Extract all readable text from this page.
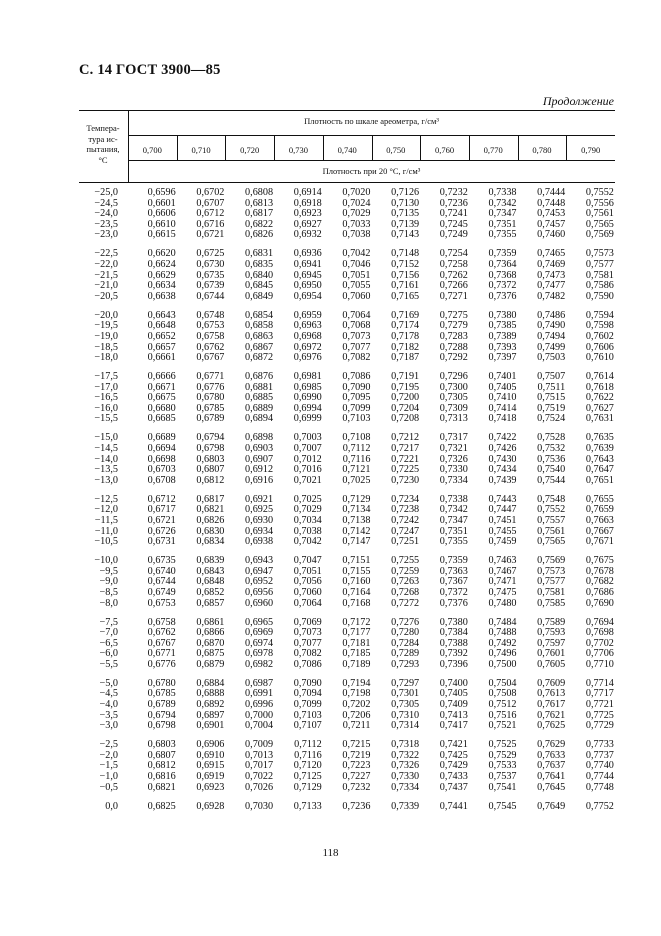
С. 14 ГОСТ 3900—85
Продолжение
Темпера-
тура ис-
пытания,
°С
Плотность по шкале ареометра, г/см³
Плотность при 20 °С, г/см³
0,700	0,710	0,720	0,730	0,740	0,750	0,760	0,770	0,780	0,790
−25,0	0,6596	0,6702	0,6808	0,6914	0,7020	0,7126	0,7232	0,7338	0,7444	0,7552
−24,5	0,6601	0,6707	0,6813	0,6918	0,7024	0,7130	0,7236	0,7342	0,7448	0,7556
−24,0	0,6606	0,6712	0,6817	0,6923	0,7029	0,7135	0,7241	0,7347	0,7453	0,7561
−23,5	0,6610	0,6716	0,6822	0,6927	0,7033	0,7139	0,7245	0,7351	0,7457	0,7565
−23,0	0,6615	0,6721	0,6826	0,6932	0,7038	0,7143	0,7249	0,7355	0,7460	0,7569
−22,5	0,6620	0,6725	0,6831	0,6936	0,7042	0,7148	0,7254	0,7359	0,7465	0,7573
−22,0	0,6624	0,6730	0,6835	0,6941	0,7046	0,7152	0,7258	0,7364	0,7469	0,7577
−21,5	0,6629	0,6735	0,6840	0,6945	0,7051	0,7156	0,7262	0,7368	0,7473	0,7581
−21,0	0,6634	0,6739	0,6845	0,6950	0,7055	0,7161	0,7266	0,7372	0,7477	0,7586
−20,5	0,6638	0,6744	0,6849	0,6954	0,7060	0,7165	0,7271	0,7376	0,7482	0,7590
−20,0	0,6643	0,6748	0,6854	0,6959	0,7064	0,7169	0,7275	0,7380	0,7486	0,7594
−19,5	0,6648	0,6753	0,6858	0,6963	0,7068	0,7174	0,7279	0,7385	0,7490	0,7598
−19,0	0,6652	0,6758	0,6863	0,6968	0,7073	0,7178	0,7283	0,7389	0,7494	0,7602
−18,5	0,6657	0,6762	0,6867	0,6972	0,7077	0,7182	0,7288	0,7393	0,7499	0,7606
−18,0	0,6661	0,6767	0,6872	0,6976	0,7082	0,7187	0,7292	0,7397	0,7503	0,7610
−17,5	0,6666	0,6771	0,6876	0,6981	0,7086	0,7191	0,7296	0,7401	0,7507	0,7614
−17,0	0,6671	0,6776	0,6881	0,6985	0,7090	0,7195	0,7300	0,7405	0,7511	0,7618
−16,5	0,6675	0,6780	0,6885	0,6990	0,7095	0,7200	0,7305	0,7410	0,7515	0,7622
−16,0	0,6680	0,6785	0,6889	0,6994	0,7099	0,7204	0,7309	0,7414	0,7519	0,7627
−15,5	0,6685	0,6789	0,6894	0,6999	0,7103	0,7208	0,7313	0,7418	0,7524	0,7631
−15,0	0,6689	0,6794	0,6898	0,7003	0,7108	0,7212	0,7317	0,7422	0,7528	0,7635
−14,5	0,6694	0,6798	0,6903	0,7007	0,7112	0,7217	0,7321	0,7426	0,7532	0,7639
−14,0	0,6698	0,6803	0,6907	0,7012	0,7116	0,7221	0,7326	0,7430	0,7536	0,7643
−13,5	0,6703	0,6807	0,6912	0,7016	0,7121	0,7225	0,7330	0,7434	0,7540	0,7647
−13,0	0,6708	0,6812	0,6916	0,7021	0,7025	0,7230	0,7334	0,7439	0,7544	0,7651
−12,5	0,6712	0,6817	0,6921	0,7025	0,7129	0,7234	0,7338	0,7443	0,7548	0,7655
−12,0	0,6717	0,6821	0,6925	0,7029	0,7134	0,7238	0,7342	0,7447	0,7552	0,7659
−11,5	0,6721	0,6826	0,6930	0,7034	0,7138	0,7242	0,7347	0,7451	0,7557	0,7663
−11,0	0,6726	0,6830	0,6934	0,7038	0,7142	0,7247	0,7351	0,7455	0,7561	0,7667
−10,5	0,6731	0,6834	0,6938	0,7042	0,7147	0,7251	0,7355	0,7459	0,7565	0,7671
−10,0	0,6735	0,6839	0,6943	0,7047	0,7151	0,7255	0,7359	0,7463	0,7569	0,7675
−9,5	0,6740	0,6843	0,6947	0,7051	0,7155	0,7259	0,7363	0,7467	0,7573	0,7678
−9,0	0,6744	0,6848	0,6952	0,7056	0,7160	0,7263	0,7367	0,7471	0,7577	0,7682
−8,5	0,6749	0,6852	0,6956	0,7060	0,7164	0,7268	0,7372	0,7475	0,7581	0,7686
−8,0	0,6753	0,6857	0,6960	0,7064	0,7168	0,7272	0,7376	0,7480	0,7585	0,7690
−7,5	0,6758	0,6861	0,6965	0,7069	0,7172	0,7276	0,7380	0,7484	0,7589	0,7694
−7,0	0,6762	0,6866	0,6969	0,7073	0,7177	0,7280	0,7384	0,7488	0,7593	0,7698
−6,5	0,6767	0,6870	0,6974	0,7077	0,7181	0,7284	0,7388	0,7492	0,7597	0,7702
−6,0	0,6771	0,6875	0,6978	0,7082	0,7185	0,7289	0,7392	0,7496	0,7601	0,7706
−5,5	0,6776	0,6879	0,6982	0,7086	0,7189	0,7293	0,7396	0,7500	0,7605	0,7710
−5,0	0,6780	0,6884	0,6987	0,7090	0,7194	0,7297	0,7400	0,7504	0,7609	0,7714
−4,5	0,6785	0,6888	0,6991	0,7094	0,7198	0,7301	0,7405	0,7508	0,7613	0,7717
−4,0	0,6789	0,6892	0,6996	0,7099	0,7202	0,7305	0,7409	0,7512	0,7617	0,7721
−3,5	0,6794	0,6897	0,7000	0,7103	0,7206	0,7310	0,7413	0,7516	0,7621	0,7725
−3,0	0,6798	0,6901	0,7004	0,7107	0,7211	0,7314	0,7417	0,7521	0,7625	0,7729
−2,5	0,6803	0,6906	0,7009	0,7112	0,7215	0,7318	0,7421	0,7525	0,7629	0,7733
−2,0	0,6807	0,6910	0,7013	0,7116	0,7219	0,7322	0,7425	0,7529	0,7633	0,7737
−1,5	0,6812	0,6915	0,7017	0,7120	0,7223	0,7326	0,7429	0,7533	0,7637	0,7740
−1,0	0,6816	0,6919	0,7022	0,7125	0,7227	0,7330	0,7433	0,7537	0,7641	0,7744
−0,5	0,6821	0,6923	0,7026	0,7129	0,7232	0,7334	0,7437	0,7541	0,7645	0,7748
0,0	0,6825	0,6928	0,7030	0,7133	0,7236	0,7339	0,7441	0,7545	0,7649	0,7752
118
